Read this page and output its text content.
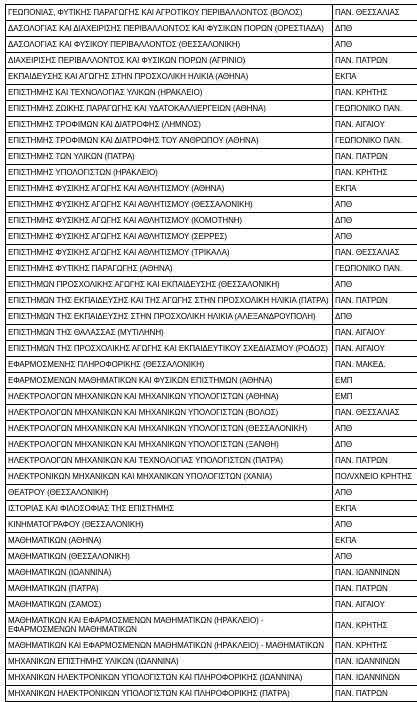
ΓΕΩΠΟΝΙΑΣ, ΦΥΤΙΚΗΣ ΠΑΡΑΓΩΓΗΣ ΚΑΙ ΑΓΡΟΤΙΚΟΥ ΠΕΡΙΒΑΛΛΟΝΤΟΣ (ΒΟΛΟΣ)	ΠΑΝ. ΘΕΣΣΑΛΙΑΣ
ΔΑΣΟΛΟΓΙΑΣ ΚΑΙ ΔΙΑΧΕΙΡΙΣΗΣ ΠΕΡΙΒΑΛΛΟΝΤΟΣ ΚΑΙ ΦΥΣΙΚΩΝ ΠΟΡΩΝ (ΟΡΕΣΤΙΑΔΑ)	ΔΠΘ
ΔΑΣΟΛΟΓΙΑΣ ΚΑΙ ΦΥΣΙΚΟΥ ΠΕΡΙΒΑΛΛΟΝΤΟΣ (ΘΕΣΣΑΛΟΝΙΚΗ)	ΑΠΘ
ΔΙΑΧΕΙΡΙΣΗΣ ΠΕΡΙΒΑΛΛΟΝΤΟΣ ΚΑΙ ΦΥΣΙΚΩΝ ΠΟΡΩΝ (ΑΓΡΙΝΙΟ)	ΠΑΝ. ΠΑΤΡΩΝ
ΕΚΠΑΙΔΕΥΣΗΣ ΚΑΙ ΑΓΩΓΗΣ ΣΤΗΝ ΠΡΟΣΧΟΛΙΚΗ ΗΛΙΚΙΑ (ΑΘΗΝΑ)	ΕΚΠΑ
ΕΠΙΣΤΗΜΗΣ ΚΑΙ ΤΕΧΝΟΛΟΓΙΑΣ ΥΛΙΚΩΝ (ΗΡΑΚΛΕΙΟ)	ΠΑΝ. ΚΡΗΤΗΣ
ΕΠΙΣΤΗΜΗΣ ΖΩΙΚΗΣ ΠΑΡΑΓΩΓΗΣ ΚΑΙ ΥΔΑΤΟΚΑΛΛΙΕΡΓΕΙΩΝ (ΑΘΗΝΑ)	ΓΕΩΠΟΝΙΚΟ ΠΑΝ.
ΕΠΙΣΤΗΜΗΣ ΤΡΟΦΙΜΩΝ ΚΑΙ ΔΙΑΤΡΟΦΗΣ (ΛΗΜΝΟΣ)	ΠΑΝ. ΑΙΓΑΙΟΥ
ΕΠΙΣΤΗΜΗΣ ΤΡΟΦΙΜΩΝ ΚΑΙ ΔΙΑΤΡΟΦΗΣ ΤΟΥ ΑΝΘΡΩΠΟΥ (ΑΘΗΝΑ)	ΓΕΩΠΟΝΙΚΟ ΠΑΝ.
ΕΠΙΣΤΗΜΗΣ ΤΩΝ ΥΛΙΚΩΝ (ΠΑΤΡΑ)	ΠΑΝ. ΠΑΤΡΩΝ
ΕΠΙΣΤΗΜΗΣ ΥΠΟΛΟΓΙΣΤΩΝ (ΗΡΑΚΛΕΙΟ)	ΠΑΝ. ΚΡΗΤΗΣ
ΕΠΙΣΤΗΜΗΣ ΦΥΣΙΚΗΣ ΑΓΩΓΗΣ ΚΑΙ ΑΘΛΗΤΙΣΜΟΥ (ΑΘΗΝΑ)	ΕΚΠΑ
ΕΠΙΣΤΗΜΗΣ ΦΥΣΙΚΗΣ ΑΓΩΓΗΣ ΚΑΙ ΑΘΛΗΤΙΣΜΟΥ (ΘΕΣΣΑΛΟΝΙΚΗ)	ΑΠΘ
ΕΠΙΣΤΗΜΗΣ ΦΥΣΙΚΗΣ ΑΓΩΓΗΣ ΚΑΙ ΑΘΛΗΤΙΣΜΟΥ (ΚΟΜΟΤΗΝΗ)	ΔΠΘ
ΕΠΙΣΤΗΜΗΣ ΦΥΣΙΚΗΣ ΑΓΩΓΗΣ ΚΑΙ ΑΘΛΗΤΙΣΜΟΥ (ΣΕΡΡΕΣ)	ΑΠΘ
ΕΠΙΣΤΗΜΗΣ ΦΥΣΙΚΗΣ ΑΓΩΓΗΣ ΚΑΙ ΑΘΛΗΤΙΣΜΟΥ (ΤΡΙΚΑΛΑ)	ΠΑΝ. ΘΕΣΣΑΛΙΑΣ
ΕΠΙΣΤΗΜΗΣ ΦΥΤΙΚΗΣ ΠΑΡΑΓΩΓΗΣ (ΑΘΗΝΑ)	ΓΕΩΠΟΝΙΚΟ ΠΑΝ.
ΕΠΙΣΤΗΜΩΝ ΠΡΟΣΧΟΛΙΚΗΣ ΑΓΩΓΗΣ ΚΑΙ ΕΚΠΑΙΔΕΥΣΗΣ (ΘΕΣΣΑΛΟΝΙΚΗ)	ΑΠΘ
ΕΠΙΣΤΗΜΩΝ ΤΗΣ ΕΚΠΑΙΔΕΥΣΗΣ ΚΑΙ ΤΗΣ ΑΓΩΓΗΣ ΣΤΗΝ ΠΡΟΣΧΟΛΙΚΗ ΗΛΙΚΙΑ (ΠΑΤΡΑ)	ΠΑΝ. ΠΑΤΡΩΝ
ΕΠΙΣΤΗΜΩΝ ΤΗΣ ΕΚΠΑΙΔΕΥΣΗΣ ΣΤΗΝ ΠΡΟΣΧΟΛΙΚΗ ΗΛΙΚΙΑ (ΑΛΕΞΑΝΔΡΟΥΠΟΛΗ)	ΔΠΘ
ΕΠΙΣΤΗΜΩΝ ΤΗΣ ΘΑΛΑΣΣΑΣ (ΜΥΤΙΛΗΝΗ)	ΠΑΝ. ΑΙΓΑΙΟΥ
ΕΠΙΣΤΗΜΩΝ ΤΗΣ ΠΡΟΣΧΟΛΙΚΗΣ ΑΓΩΓΗΣ ΚΑΙ ΕΚΠΑΙΔΕΥΤΙΚΟΥ ΣΧΕΔΙΑΣΜΟΥ (ΡΟΔΟΣ)	ΠΑΝ. ΑΙΓΑΙΟΥ
ΕΦΑΡΜΟΣΜΕΝΗΣ ΠΛΗΡΟΦΟΡΙΚΗΣ (ΘΕΣΣΑΛΟΝΙΚΗ)	ΠΑΝ. ΜΑΚΕΔ.
ΕΦΑΡΜΟΣΜΕΝΩΝ ΜΑΘΗΜΑΤΙΚΩΝ ΚΑΙ ΦΥΣΙΚΩΝ ΕΠΙΣΤΗΜΩΝ (ΑΘΗΝΑ)	ΕΜΠ
ΗΛΕΚΤΡΟΛΟΓΩΝ ΜΗΧΑΝΙΚΩΝ ΚΑΙ ΜΗΧΑΝΙΚΩΝ ΥΠΟΛΟΓΙΣΤΩΝ (ΑΘΗΝΑ)	ΕΜΠ
ΗΛΕΚΤΡΟΛΟΓΩΝ ΜΗΧΑΝΙΚΩΝ ΚΑΙ ΜΗΧΑΝΙΚΩΝ ΥΠΟΛΟΓΙΣΤΩΝ (ΒΟΛΟΣ)	ΠΑΝ. ΘΕΣΣΑΛΙΑΣ
ΗΛΕΚΤΡΟΛΟΓΩΝ ΜΗΧΑΝΙΚΩΝ ΚΑΙ ΜΗΧΑΝΙΚΩΝ ΥΠΟΛΟΓΙΣΤΩΝ (ΘΕΣΣΑΛΟΝΙΚΗ)	ΑΠΘ
ΗΛΕΚΤΡΟΛΟΓΩΝ ΜΗΧΑΝΙΚΩΝ ΚΑΙ ΜΗΧΑΝΙΚΩΝ ΥΠΟΛΟΓΙΣΤΩΝ (ΞΑΝΘΗ)	ΔΠΘ
ΗΛΕΚΤΡΟΛΟΓΩΝ ΜΗΧΑΝΙΚΩΝ ΚΑΙ ΤΕΧΝΟΛΟΓΙΑΣ ΥΠΟΛΟΓΙΣΤΩΝ (ΠΑΤΡΑ)	ΠΑΝ. ΠΑΤΡΩΝ
ΗΛΕΚΤΡΟΝΙΚΩΝ ΜΗΧΑΝΙΚΩΝ ΚΑΙ ΜΗΧΑΝΙΚΩΝ ΥΠΟΛΟΓΙΣΤΩΝ (ΧΑΝΙΑ)	ΠΟΛ/ΧΝΕΙΟ ΚΡΗΤΗΣ
ΘΕΑΤΡΟΥ (ΘΕΣΣΑΛΟΝΙΚΗ)	ΑΠΘ
ΙΣΤΟΡΙΑΣ ΚΑΙ ΦΙΛΟΣΟΦΙΑΣ ΤΗΣ ΕΠΙΣΤΗΜΗΣ	ΕΚΠΑ
ΚΙΝΗΜΑΤΟΓΡΑΦΟΥ (ΘΕΣΣΑΛΟΝΙΚΗ)	ΑΠΘ
ΜΑΘΗΜΑΤΙΚΩΝ (ΑΘΗΝΑ)	ΕΚΠΑ
ΜΑΘΗΜΑΤΙΚΩΝ (ΘΕΣΣΑΛΟΝΙΚΗ)	ΑΠΘ
ΜΑΘΗΜΑΤΙΚΩΝ (ΙΩΑΝΝΙΝΑ)	ΠΑΝ. ΙΩΑΝΝΙΝΩΝ
ΜΑΘΗΜΑΤΙΚΩΝ (ΠΑΤΡΑ)	ΠΑΝ. ΠΑΤΡΩΝ
ΜΑΘΗΜΑΤΙΚΩΝ (ΣΑΜΟΣ)	ΠΑΝ. ΑΙΓΑΙΟΥ
ΜΑΘΗΜΑΤΙΚΩΝ ΚΑΙ ΕΦΑΡΜΟΣΜΕΝΩΝ ΜΑΘΗΜΑΤΙΚΩΝ (ΗΡΑΚΛΕΙΟ) - ΕΦΑΡΜΟΣΜΕΝΩΝ ΜΑΘΗΜΑΤΙΚΩΝ	ΠΑΝ. ΚΡΗΤΗΣ
ΜΑΘΗΜΑΤΙΚΩΝ ΚΑΙ ΕΦΑΡΜΟΣΜΕΝΩΝ ΜΑΘΗΜΑΤΙΚΩΝ (ΗΡΑΚΛΕΙΟ) - ΜΑΘΗΜΑΤΙΚΩΝ	ΠΑΝ. ΚΡΗΤΗΣ
ΜΗΧΑΝΙΚΩΝ ΕΠΙΣΤΗΜΗΣ ΥΛΙΚΩΝ (ΙΩΑΝΝΙΝΑ)	ΠΑΝ. ΙΩΑΝΝΙΝΩΝ
ΜΗΧΑΝΙΚΩΝ ΗΛΕΚΤΡΟΝΙΚΩΝ ΥΠΟΛΟΓΙΣΤΩΝ ΚΑΙ ΠΛΗΡΟΦΟΡΙΚΗΣ (ΙΩΑΝΝΙΝΑ)	ΠΑΝ. ΙΩΑΝΝΙΝΩΝ
ΜΗΧΑΝΙΚΩΝ ΗΛΕΚΤΡΟΝΙΚΩΝ ΥΠΟΛΟΓΙΣΤΩΝ ΚΑΙ ΠΛΗΡΟΦΟΡΙΚΗΣ (ΠΑΤΡΑ)	ΠΑΝ. ΠΑΤΡΩΝ
